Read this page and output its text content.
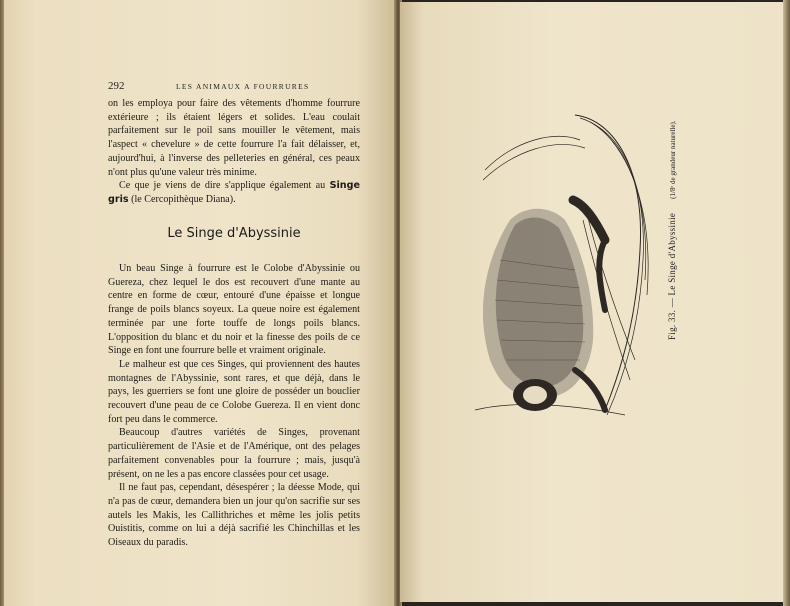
292	LES ANIMAUX A FOURRURES

on les employa pour faire des vêtements d'homme fourrure extérieure ; ils étaient légers et solides. L'eau coulait parfaitement sur le poil sans mouiller le vêtement, mais l'aspect « chevelure » de cette fourrure l'a fait délaisser, et, aujourd'hui, à l'inverse des pelleteries en général, ces peaux n'ont plus qu'une valeur très minime.

Ce que je viens de dire s'applique également au Singe gris (le Cercopithèque Diana).

Le Singe d'Abyssinie

Un beau Singe à fourrure est le Colobe d'Abyssinie ou Guereza, chez lequel le dos est recouvert d'une mante au centre en forme de cœur, entouré d'une épaisse et longue frange de poils blancs soyeux. La queue noire est également terminée par une forte touffe de longs poils blancs. L'opposition du blanc et du noir et la finesse des poils de ce Singe en font une fourrure belle et vraiment originale.

Le malheur est que ces Singes, qui proviennent des hautes montagnes de l'Abyssinie, sont rares, et que déjà, dans le pays, les guerriers se font une gloire de posséder un bouclier recouvert d'une peau de ce Colobe Guereza. Il en vient donc fort peu dans le commerce.

Beaucoup d'autres variétés de Singes, provenant particulièrement de l'Asie et de l'Amérique, ont des pelages parfaitement convenables pour la fourrure ; mais, jusqu'à présent, on ne les a pas encore classées pour cet usage.

Il ne faut pas, cependant, désespérer ; la déesse Mode, qui n'a pas de cœur, demandera bien un jour qu'on sacrifie sur ses autels les Makis, les Callithriches et même les jolis petits Ouistitis, comme on lui a déjà sacrifié les Chinchillas et les Oiseaux du paradis.

Fig. 33. — Le Singe d'Abyssinie (1/8ᵉ de grandeur naturelle).
